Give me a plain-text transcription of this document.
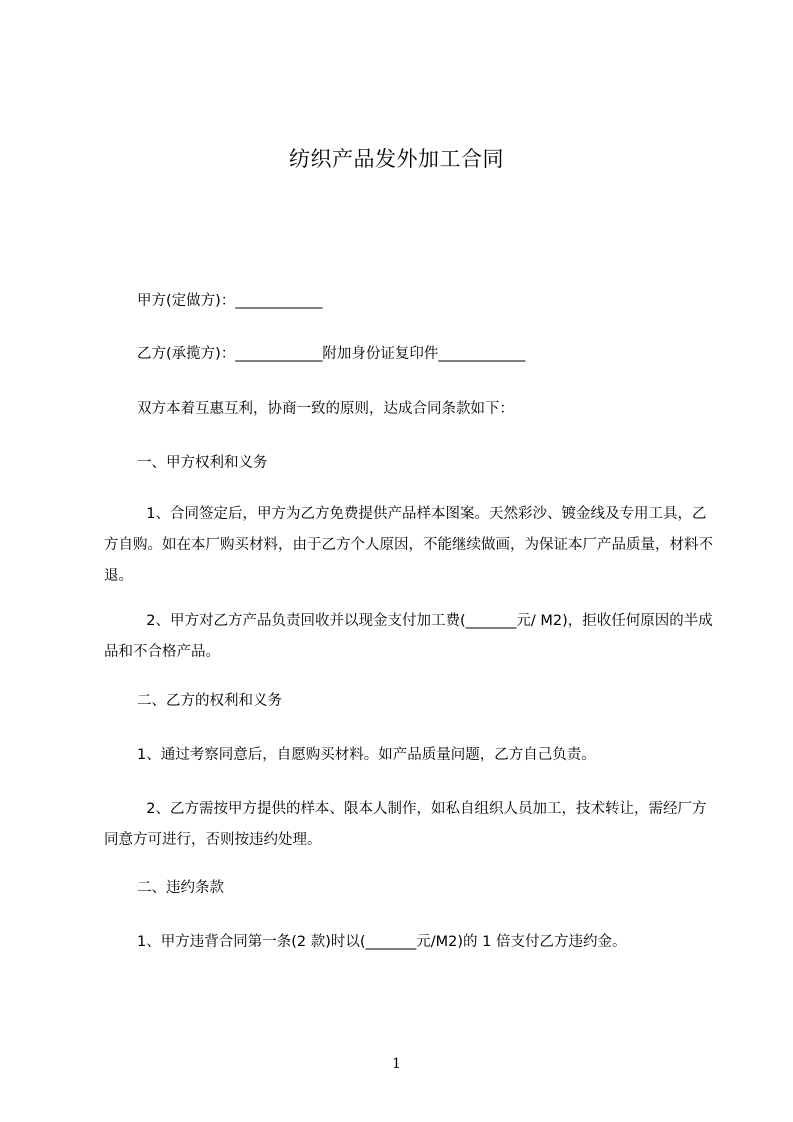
纺织产品发外加工合同
甲方(定做方)：____________
乙方(承揽方)：____________附加身份证复印件____________
双方本着互惠互利，协商一致的原则，达成合同条款如下：
一、甲方权利和义务
1、合同签定后，甲方为乙方免费提供产品样本图案。天然彩沙、镀金线及专用工具，乙方自购。如在本厂购买材料，由于乙方个人原因，不能继续做画，为保证本厂产品质量，材料不退。
2、甲方对乙方产品负责回收并以现金支付加工费(_______元/ M2)，拒收任何原因的半成品和不合格产品。
二、乙方的权利和义务
1、通过考察同意后，自愿购买材料。如产品质量问题，乙方自己负责。
2、乙方需按甲方提供的样本、限本人制作，如私自组织人员加工，技术转让，需经厂方同意方可进行，否则按违约处理。
二、违约条款
1、甲方违背合同第一条(2 款)时以(_______元/M2)的 1 倍支付乙方违约金。
1
